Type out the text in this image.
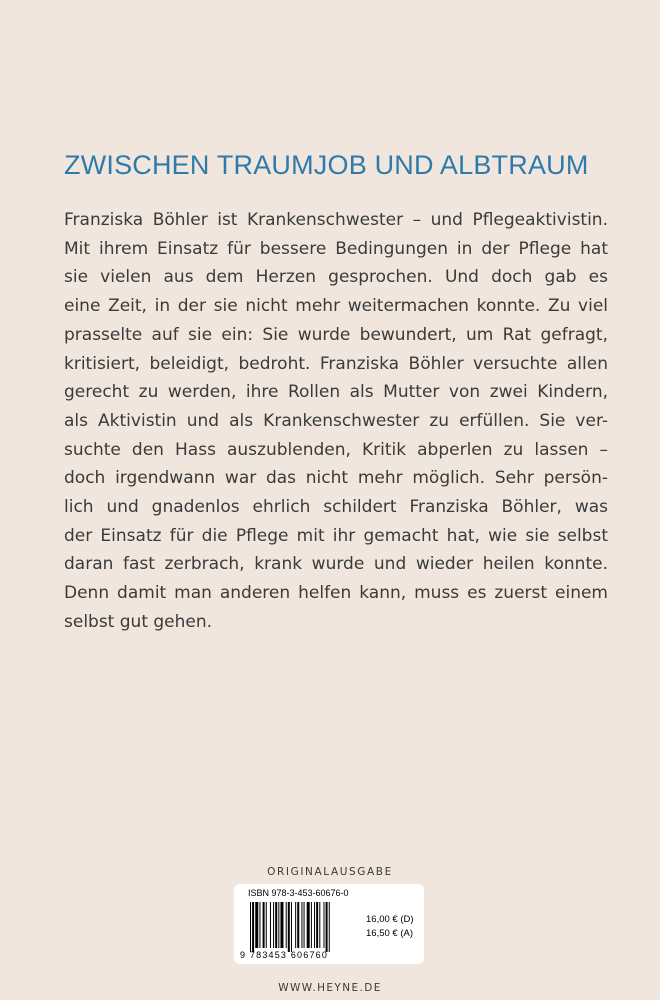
ZWISCHEN TRAUMJOB UND ALBTRAUM
Franziska Böhler ist Krankenschwester – und Pflegeaktivistin.
Mit ihrem Einsatz für bessere Bedingungen in der Pflege hat
sie vielen aus dem Herzen gesprochen. Und doch gab es
eine Zeit, in der sie nicht mehr weitermachen konnte. Zu viel
prasselte auf sie ein: Sie wurde bewundert, um Rat gefragt,
kritisiert, beleidigt, bedroht. Franziska Böhler versuchte allen
gerecht zu werden, ihre Rollen als Mutter von zwei Kindern,
als Aktivistin und als Krankenschwester zu erfüllen. Sie ver-
suchte den Hass auszublenden, Kritik abperlen zu lassen –
doch irgendwann war das nicht mehr möglich. Sehr persön-
lich und gnadenlos ehrlich schildert Franziska Böhler, was
der Einsatz für die Pflege mit ihr gemacht hat, wie sie selbst
daran fast zerbrach, krank wurde und wieder heilen konnte.
Denn damit man anderen helfen kann, muss es zuerst einem
selbst gut gehen.
ORIGINALAUSGABE
ISBN 978-3-453-60676-0
9 783453 606760
16,00 € (D)
16,50 € (A)
WWW.HEYNE.DE
